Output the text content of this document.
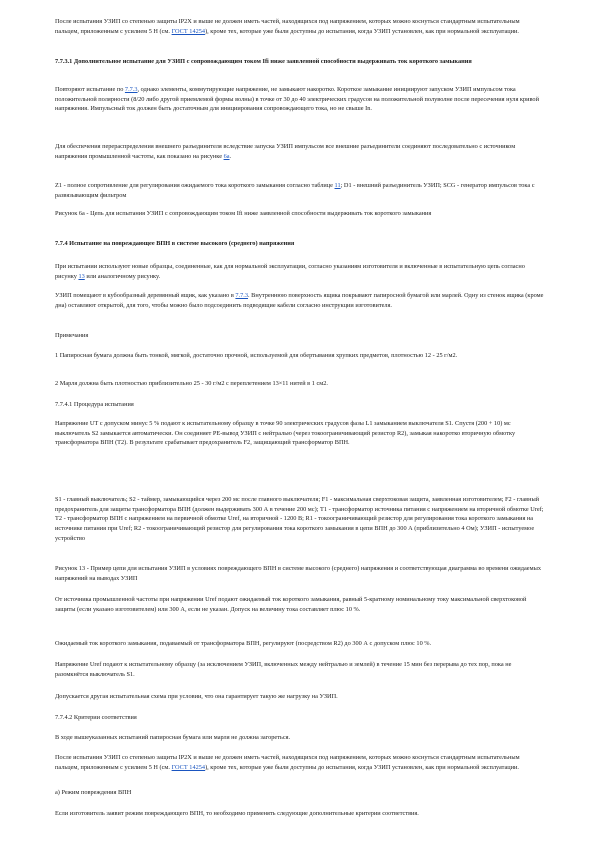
После испытания УЗИП со степенью защиты IP2X и выше не должен иметь частей, находящихся под напряжением, которых можно коснуться стандартным испытательным пальцем, приложенным с усилием 5 Н (см. ГОСТ 14254), кроме тех, которые уже были доступны до испытания, когда УЗИП установлен, как при нормальной эксплуатации.

7.7.3.1 Дополнительное испытание для УЗИП с сопровождающим током Ifi ниже заявленной способности выдерживать ток короткого замыкания

Повторяют испытание по 7.7.3, однако элементы, коммутирующие напряжение, не замыкают накоротко. Короткое замыкание инициируют запуском УЗИП импульсом тока положительной полярности (8/20 либо другой приемлемой формы волны) в точке от 30 до 40 электрических градусов на положительной полуволне после пересечения нуля кривой напряжения. Импульсный ток должен быть достаточным для инициирования сопровождающего тока, но не свыше In.

Для обеспечения перераспределения внешнего разъединителя вследствие запуска УЗИП импульсом все внешние разъединители соединяют последовательно с источником напряжения промышленной частоты, как показано на рисунке 6а.

Z1 - полное сопротивление для регулирования ожидаемого тока короткого замыкания согласно таблице 11; D1 - внешний разъединитель УЗИП; SCG - генератор импульсов тока с развязывающим фильтром

Рисунок 6а - Цепь для испытания УЗИП с сопровождающим током Ifi ниже заявленной способности выдерживать ток короткого замыкания

7.7.4 Испытание на повреждающее ВПН в системе высокого (среднего) напряжения

При испытании используют новые образцы, соединенные, как для нормальной эксплуатации, согласно указаниям изготовителя и включенные в испытательную цепь согласно рисунку 13 или аналогичному рисунку.

УЗИП помещают в кубообразный деревянный ящик, как указано в 7.7.3. Внутреннюю поверхность ящика покрывают папиросной бумагой или марлей. Одну из стенок ящика (кроме дна) оставляют открытой, для того, чтобы можно было подсоединить подводящие кабели согласно инструкции изготовителя.

Примечания

1 Папиросная бумага должна быть тонкой, мягкой, достаточно прочной, используемой для обертывания хрупких предметов, плотностью 12 - 25 г/м2.

2 Марля должна быть плотностью приблизительно 25 - 30 г/м2 с переплетением 13×11 нитей в 1 см2.

7.7.4.1 Процедура испытания

Напряжение UT с допуском минус 5 % подают к испытательному образцу в точке 90 электрических градусов фазы L1 замыканием выключателя S1. Спустя (200 + 10) мс выключатель S2 замыкается автоматически. Он соединяет PE-вывод УЗИП с нейтралью (через токоограничивающий резистор R2), замыкая накоротко вторичную обмотку трансформатора ВПН (T2). В результате срабатывает предохранитель F2, защищающий трансформатор ВПН.

S1 - главный выключатель; S2 - таймер, замыкающийся через 200 мс после главного выключателя; F1 - максимальная сверхтоковая защита, заявленная изготовителем; F2 - главный предохранитель для защиты трансформатора ВПН (должен выдерживать 300 А в течение 200 мс); T1 - трансформатор источника питания с напряжением на вторичной обмотке Uref; T2 - трансформатор ВПН с напряжением на первичной обмотке Uref, на вторичной - 1200 В; R1 - токоограничивающий резистор для регулирования тока короткого замыкания на источнике питания при Uref; R2 - токоограничивающий резистор для регулирования тока короткого замыкания в цепи ВПН до 300 А (приблизительно 4 Ом); УЗИП - испытуемое устройство

Рисунок 13 - Пример цепи для испытания УЗИП в условиях повреждающего ВПН в системе высокого (среднего) напряжения и соответствующая диаграмма во времени ожидаемых напряжений на выводах УЗИП

От источника промышленной частоты при напряжении Uref подают ожидаемый ток короткого замыкания, равный 5-кратному номинальному току максимальной сверхтоковой защиты (если указано изготовителем) или 300 А, если не указан. Допуск на величину тока составляет плюс 10 %.

Ожидаемый ток короткого замыкания, подаваемый от трансформатора ВПН, регулируют (посредством R2) до 300 А с допуском плюс 10 %.

Напряжение Uref подают к испытательному образцу (за исключением УЗИП, включенных между нейтралью и землей) в течение 15 мин без перерыва до тех пор, пока не разомкнётся выключатель S1.

Допускается другая испытательная схема при условии, что она гарантирует такую же нагрузку на УЗИП.

7.7.4.2 Критерии соответствия

В ходе вышеуказанных испытаний папиросная бумага или марля не должна загореться.

После испытания УЗИП со степенью защиты IP2X и выше не должен иметь частей, находящихся под напряжением, которых можно коснуться стандартным испытательным пальцем, приложенным с усилием 5 Н (см. ГОСТ 14254), кроме тех, которые уже были доступны до испытания, когда УЗИП установлен, как при нормальной эксплуатации.

а) Режим повреждения ВПН

Если изготовитель заявит режим повреждающего ВПН, то необходимо применять следующие дополнительные критерии соответствия.
